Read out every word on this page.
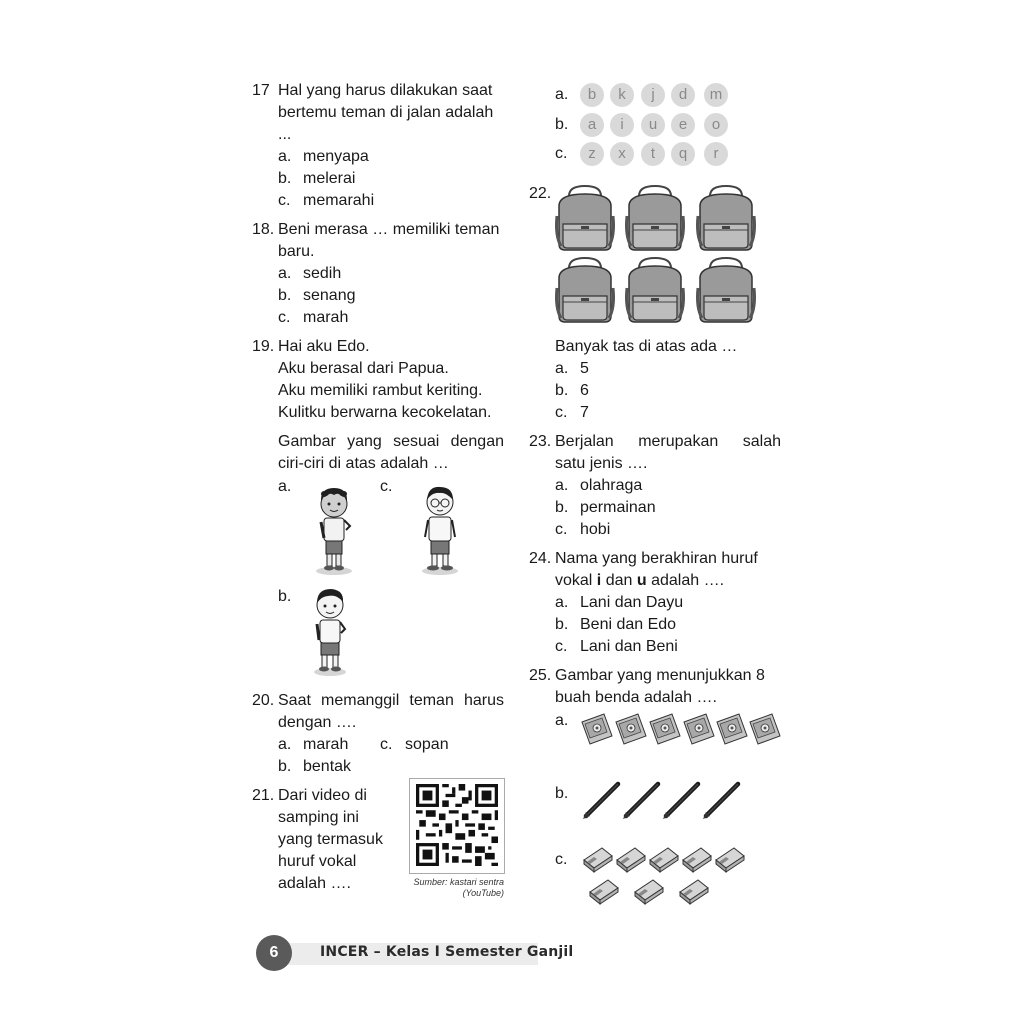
17 Hal yang harus dilakukan saat
bertemu teman di jalan adalah
...
a. menyapa
b. melerai
c. memarahi
18. Beni merasa … memiliki teman
baru.
a. sedih
b. senang
c. marah
19. Hai aku Edo.
Aku berasal dari Papua.
Aku memiliki rambut keriting.
Kulitku berwarna kecokelatan.
Gambar yang sesuai dengan
ciri-ciri di atas adalah …
a.	c.
b.
20. Saat memanggil teman harus
dengan ….
a. marah c. sopan
b. bentak
21. Dari video di
samping ini
yang termasuk
huruf vokal
adalah ….	Sumber: kastari sentra
(YouTube)
a.
b.
c.
b	k	j	d	m
a	i	u	e	o
z	x	t	q	r
22.
Banyak tas di atas ada …
a. 5
b. 6
c. 7
23. Berjalan merupakan salah
satu jenis ….
a. olahraga
b. permainan
c. hobi
24. Nama yang berakhiran huruf
vokal i dan u adalah ….
a. Lani dan Dayu
b. Beni dan Edo
c. Lani dan Beni
25. Gambar yang menunjukkan 8
buah benda adalah ….
a.
b.
c.
6	INCER – Kelas I Semester Ganjil
